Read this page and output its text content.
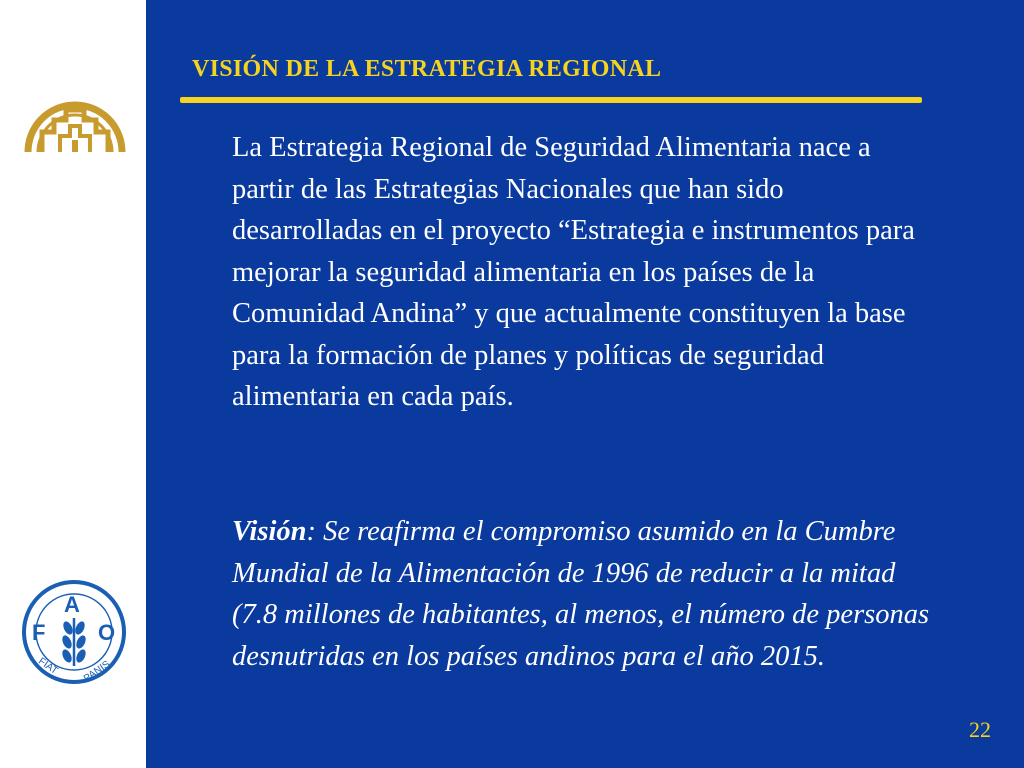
F
A
O
FIAT PANIS
VISIÓN DE LA ESTRATEGIA REGIONAL
La Estrategia Regional de Seguridad Alimentaria nace a partir de las Estrategias Nacionales que han sido desarrolladas en el proyecto “Estrategia e instrumentos para mejorar la seguridad alimentaria en los países de la Comunidad Andina” y que actualmente constituyen la base para la formación de planes y políticas de seguridad alimentaria en cada país.
Visión: Se reafirma el compromiso asumido en la Cumbre Mundial de la Alimentación de 1996 de reducir a la mitad (7.8 millones de habitantes, al menos, el número de personas desnutridas en los países andinos para el año 2015.
22
